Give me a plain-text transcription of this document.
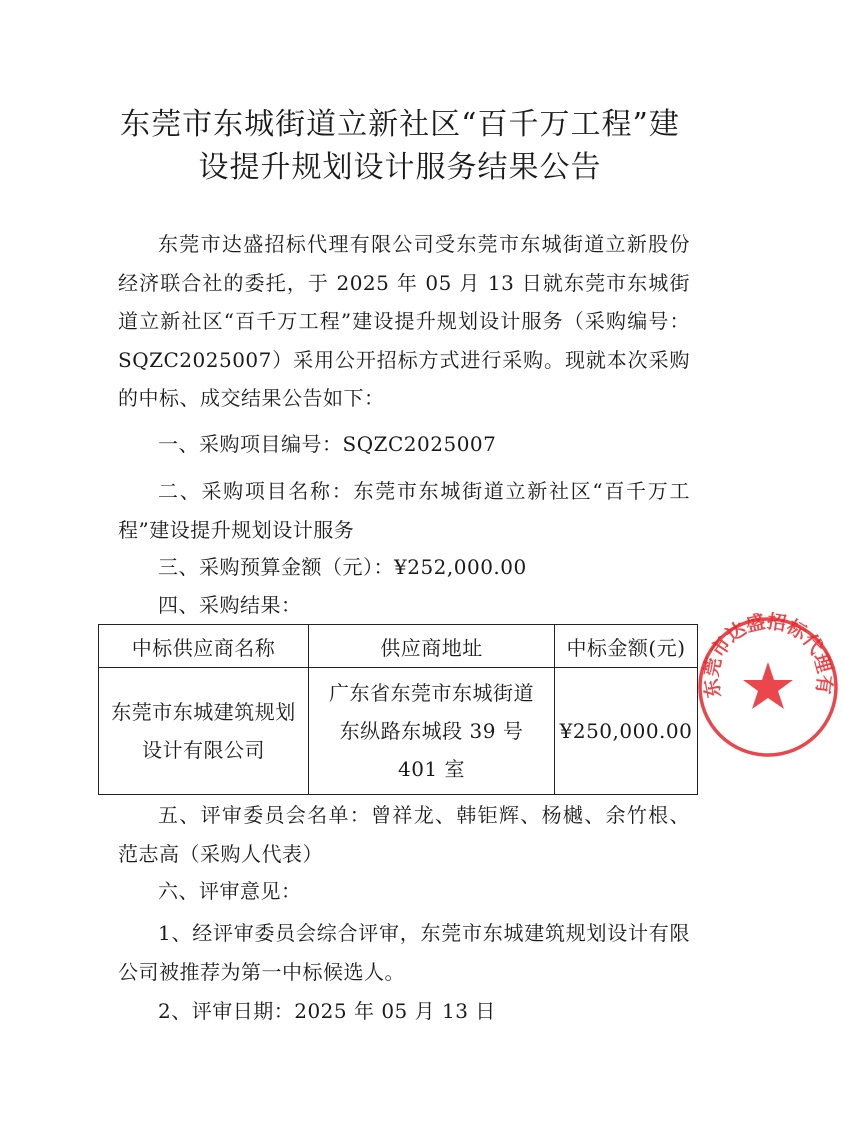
东莞市东城街道立新社区“百千万工程”建
设提升规划设计服务结果公告
东莞市达盛招标代理有限公司受东莞市东城街道立新股份经济联合社的委托，于 2025 年 05 月 13 日就东莞市东城街道立新社区“百千万工程”建设提升规划设计服务（采购编号：SQZC2025007）采用公开招标方式进行采购。现就本次采购的中标、成交结果公告如下：
一、采购项目编号：SQZC2025007
二、采购项目名称：东莞市东城街道立新社区“百千万工程”建设提升规划设计服务
三、采购预算金额（元）：¥252,000.00
四、采购结果：
中标供应商名称	供应商地址	中标金额(元)
东莞市东城建筑规划设计有限公司	广东省东莞市东城街道东纵路东城段 39 号 401 室	¥250,000.00
五、评审委员会名单：曾祥龙、韩钜辉、杨樾、余竹根、范志高（采购人代表）
六、评审意见：
1、经评审委员会综合评审，东莞市东城建筑规划设计有限公司被推荐为第一中标候选人。
2、评审日期：2025 年 05 月 13 日
东莞市达盛招标代理有
